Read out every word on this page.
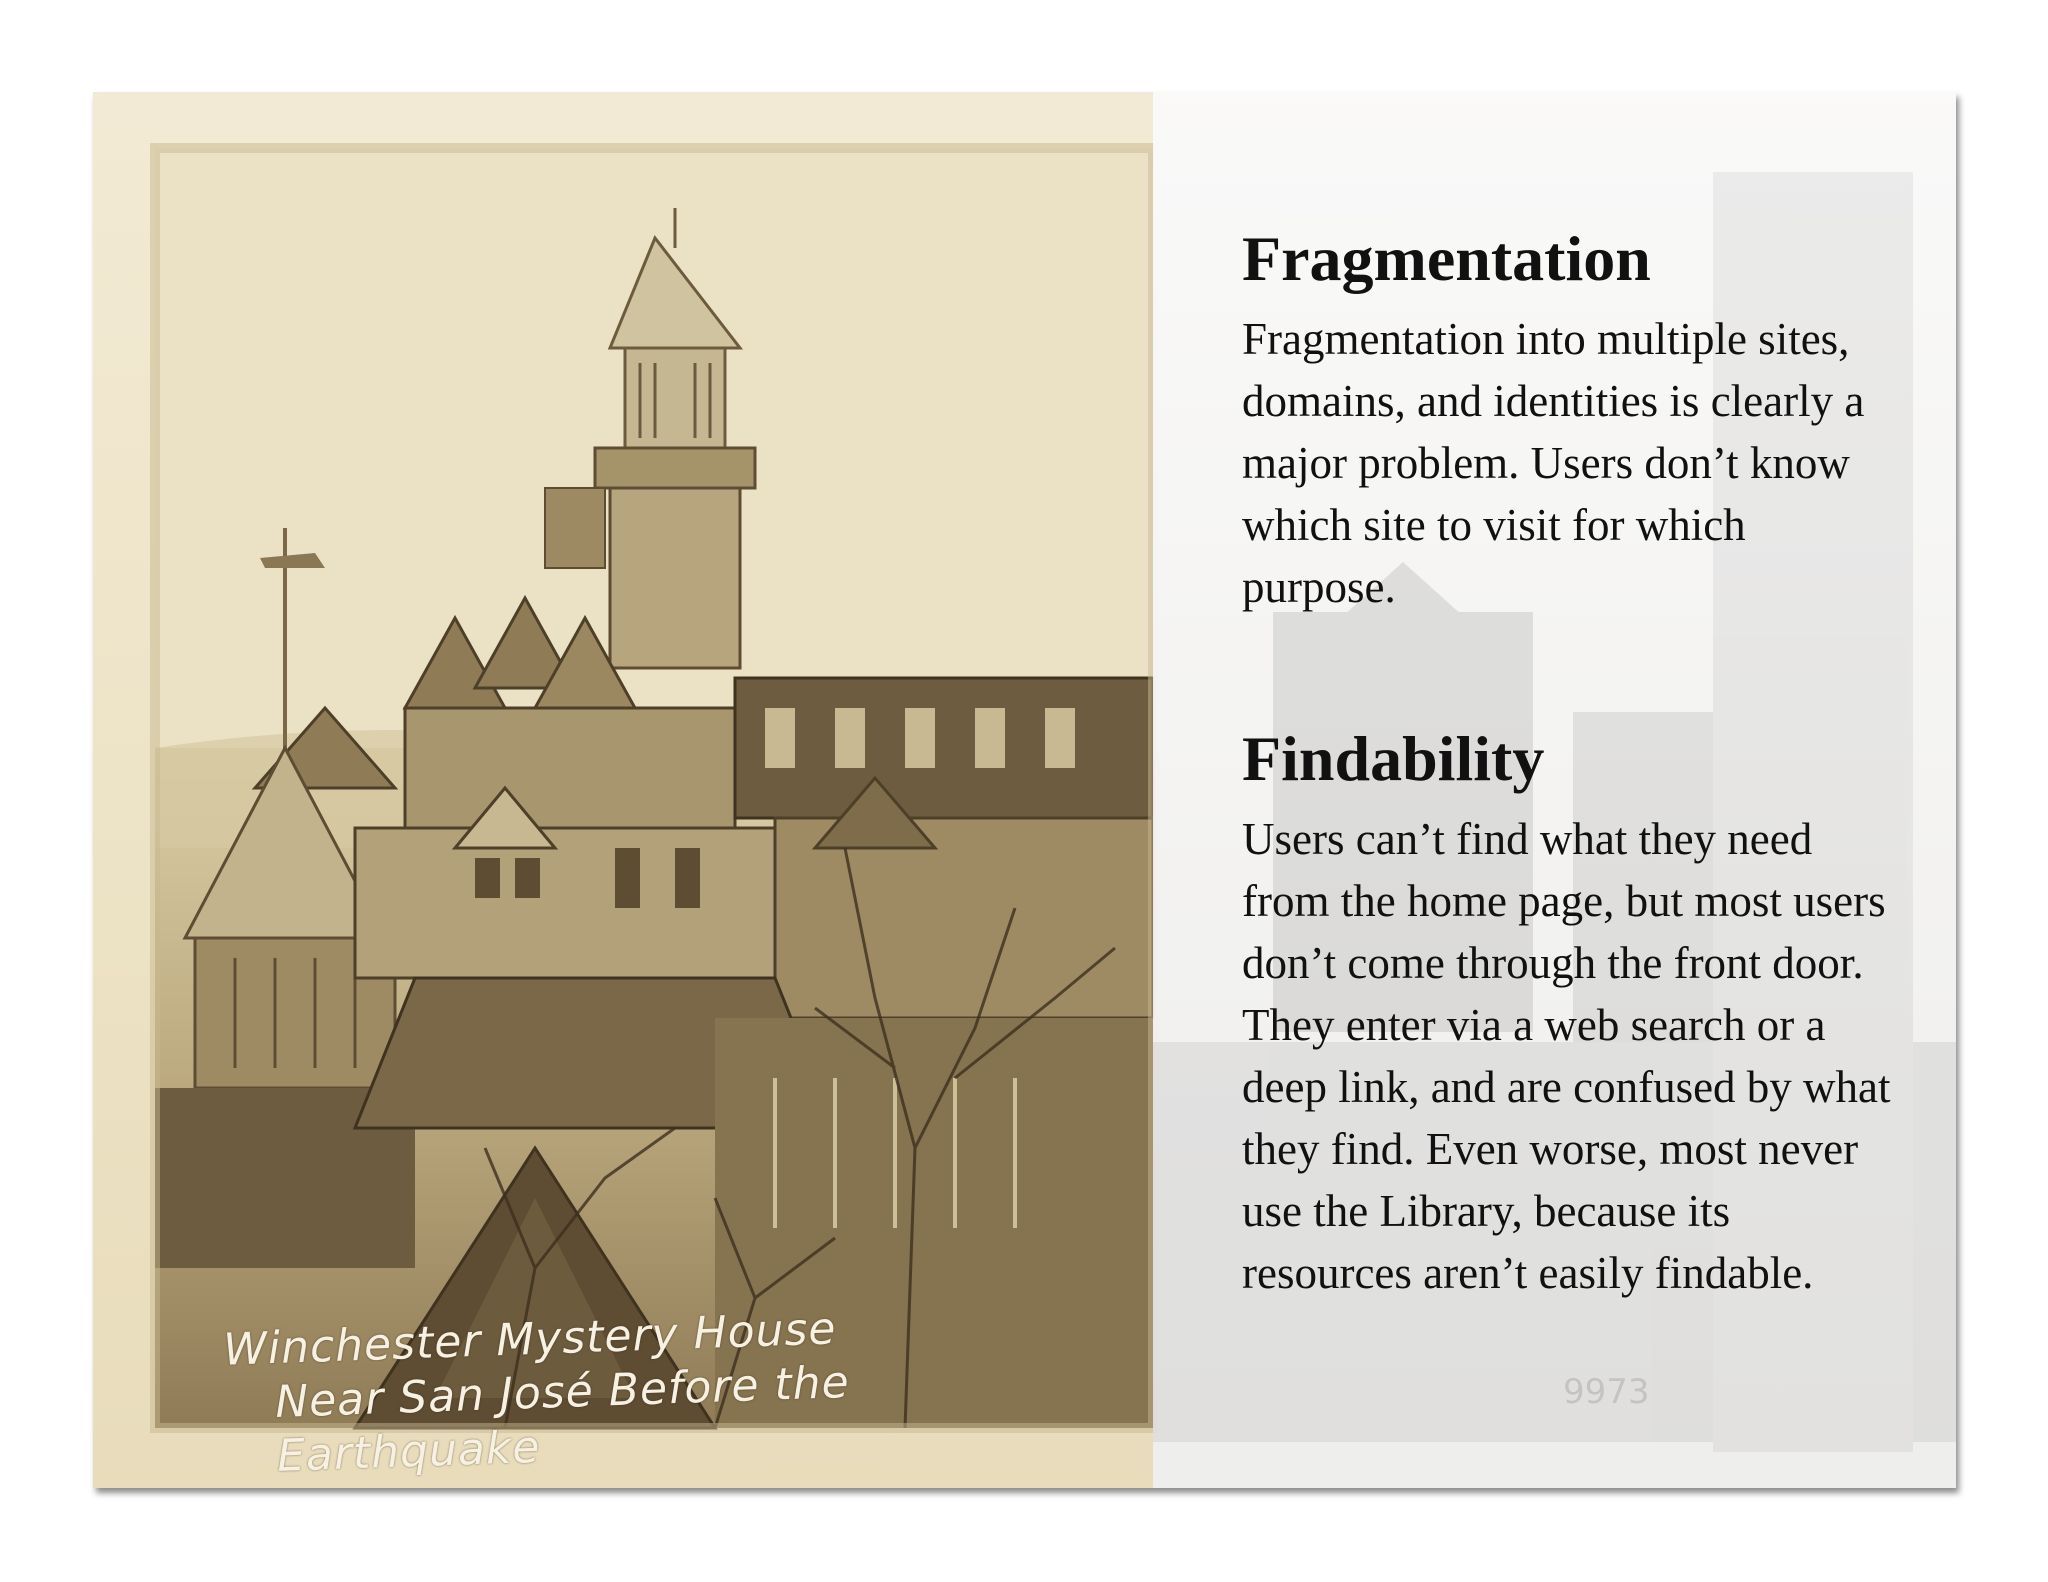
Winchester Mystery House
Near San José Before the Earthquake
9973
Fragmentation

Fragmentation into multiple sites, domains, and identities is clearly a major problem. Users don’t know which site to visit for which purpose.

Findability

Users can’t find what they need from the home page, but most users don’t come through the front door. They enter via a web search or a deep link, and are confused by what they find. Even worse, most never use the Library, because its resources aren’t easily findable.
